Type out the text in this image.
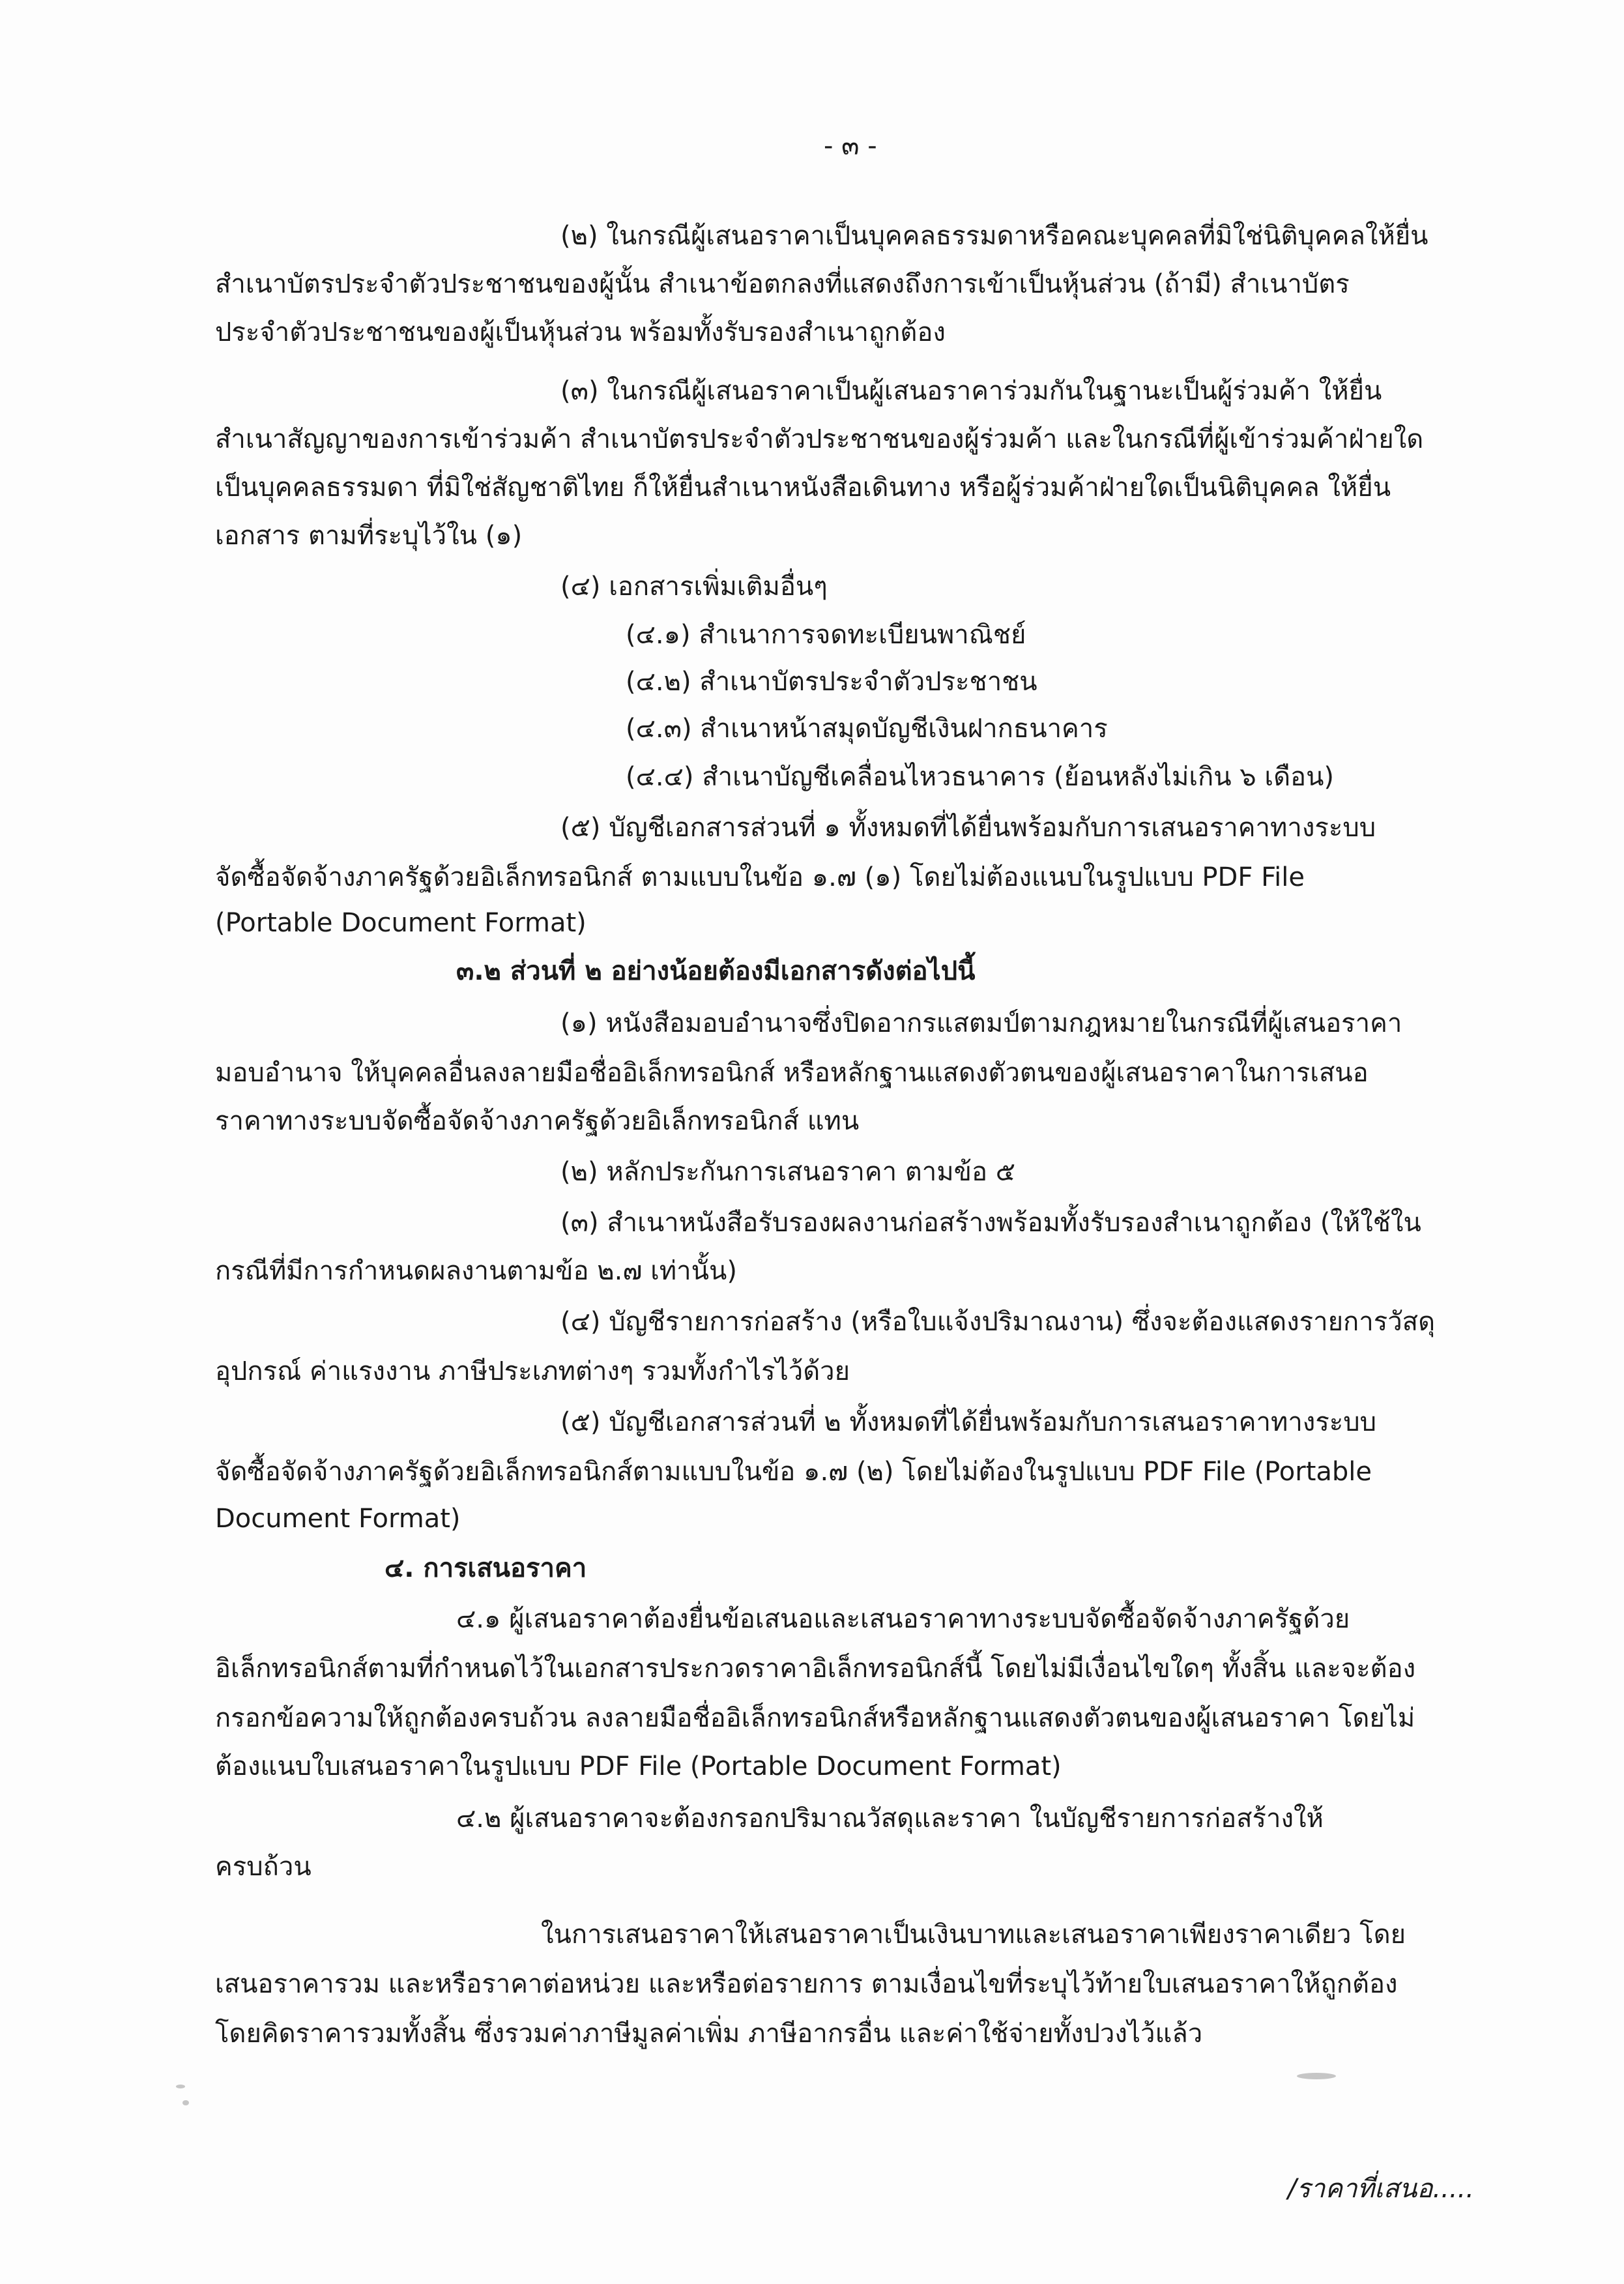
- ๓ -
(๒) ในกรณีผู้เสนอราคาเป็นบุคคลธรรมดาหรือคณะบุคคลที่มิใช่นิติบุคคลให้ยื่น
สำเนาบัตรประจำตัวประชาชนของผู้นั้น สำเนาข้อตกลงที่แสดงถึงการเข้าเป็นหุ้นส่วน (ถ้ามี) สำเนาบัตร
ประจำตัวประชาชนของผู้เป็นหุ้นส่วน พร้อมทั้งรับรองสำเนาถูกต้อง
(๓) ในกรณีผู้เสนอราคาเป็นผู้เสนอราคาร่วมกันในฐานะเป็นผู้ร่วมค้า ให้ยื่น
สำเนาสัญญาของการเข้าร่วมค้า สำเนาบัตรประจำตัวประชาชนของผู้ร่วมค้า และในกรณีที่ผู้เข้าร่วมค้าฝ่ายใด
เป็นบุคคลธรรมดา ที่มิใช่สัญชาติไทย ก็ให้ยื่นสำเนาหนังสือเดินทาง หรือผู้ร่วมค้าฝ่ายใดเป็นนิติบุคคล ให้ยื่น
เอกสาร ตามที่ระบุไว้ใน (๑)
(๔) เอกสารเพิ่มเติมอื่นๆ
(๔.๑) สำเนาการจดทะเบียนพาณิชย์
(๔.๒) สำเนาบัตรประจำตัวประชาชน
(๔.๓) สำเนาหน้าสมุดบัญชีเงินฝากธนาคาร
(๔.๔) สำเนาบัญชีเคลื่อนไหวธนาคาร (ย้อนหลังไม่เกิน ๖ เดือน)
(๕) บัญชีเอกสารส่วนที่ ๑ ทั้งหมดที่ได้ยื่นพร้อมกับการเสนอราคาทางระบบ
จัดซื้อจัดจ้างภาครัฐด้วยอิเล็กทรอนิกส์ ตามแบบในข้อ ๑.๗ (๑) โดยไม่ต้องแนบในรูปแบบ PDF File
(Portable Document Format)
๓.๒ ส่วนที่ ๒ อย่างน้อยต้องมีเอกสารดังต่อไปนี้
(๑) หนังสือมอบอำนาจซึ่งปิดอากรแสตมป์ตามกฎหมายในกรณีที่ผู้เสนอราคา
มอบอำนาจ ให้บุคคลอื่นลงลายมือชื่ออิเล็กทรอนิกส์ หรือหลักฐานแสดงตัวตนของผู้เสนอราคาในการเสนอ
ราคาทางระบบจัดซื้อจัดจ้างภาครัฐด้วยอิเล็กทรอนิกส์ แทน
(๒) หลักประกันการเสนอราคา ตามข้อ ๕
(๓) สำเนาหนังสือรับรองผลงานก่อสร้างพร้อมทั้งรับรองสำเนาถูกต้อง (ให้ใช้ใน
กรณีที่มีการกำหนดผลงานตามข้อ ๒.๗ เท่านั้น)
(๔) บัญชีรายการก่อสร้าง (หรือใบแจ้งปริมาณงาน) ซึ่งจะต้องแสดงรายการวัสดุ
อุปกรณ์ ค่าแรงงาน ภาษีประเภทต่างๆ รวมทั้งกำไรไว้ด้วย
(๕) บัญชีเอกสารส่วนที่ ๒ ทั้งหมดที่ได้ยื่นพร้อมกับการเสนอราคาทางระบบ
จัดซื้อจัดจ้างภาครัฐด้วยอิเล็กทรอนิกส์ตามแบบในข้อ ๑.๗ (๒) โดยไม่ต้องในรูปแบบ PDF File (Portable
Document Format)
๔. การเสนอราคา
๔.๑ ผู้เสนอราคาต้องยื่นข้อเสนอและเสนอราคาทางระบบจัดซื้อจัดจ้างภาครัฐด้วย
อิเล็กทรอนิกส์ตามที่กำหนดไว้ในเอกสารประกวดราคาอิเล็กทรอนิกส์นี้ โดยไม่มีเงื่อนไขใดๆ ทั้งสิ้น และจะต้อง
กรอกข้อความให้ถูกต้องครบถ้วน ลงลายมือชื่ออิเล็กทรอนิกส์หรือหลักฐานแสดงตัวตนของผู้เสนอราคา โดยไม่
ต้องแนบใบเสนอราคาในรูปแบบ PDF File (Portable Document Format)
๔.๒ ผู้เสนอราคาจะต้องกรอกปริมาณวัสดุและราคา ในบัญชีรายการก่อสร้างให้
ครบถ้วน
ในการเสนอราคาให้เสนอราคาเป็นเงินบาทและเสนอราคาเพียงราคาเดียว โดย
เสนอราคารวม และหรือราคาต่อหน่วย และหรือต่อรายการ ตามเงื่อนไขที่ระบุไว้ท้ายใบเสนอราคาให้ถูกต้อง
โดยคิดราคารวมทั้งสิ้น ซึ่งรวมค่าภาษีมูลค่าเพิ่ม ภาษีอากรอื่น และค่าใช้จ่ายทั้งปวงไว้แล้ว
/ราคาที่เสนอ.....
